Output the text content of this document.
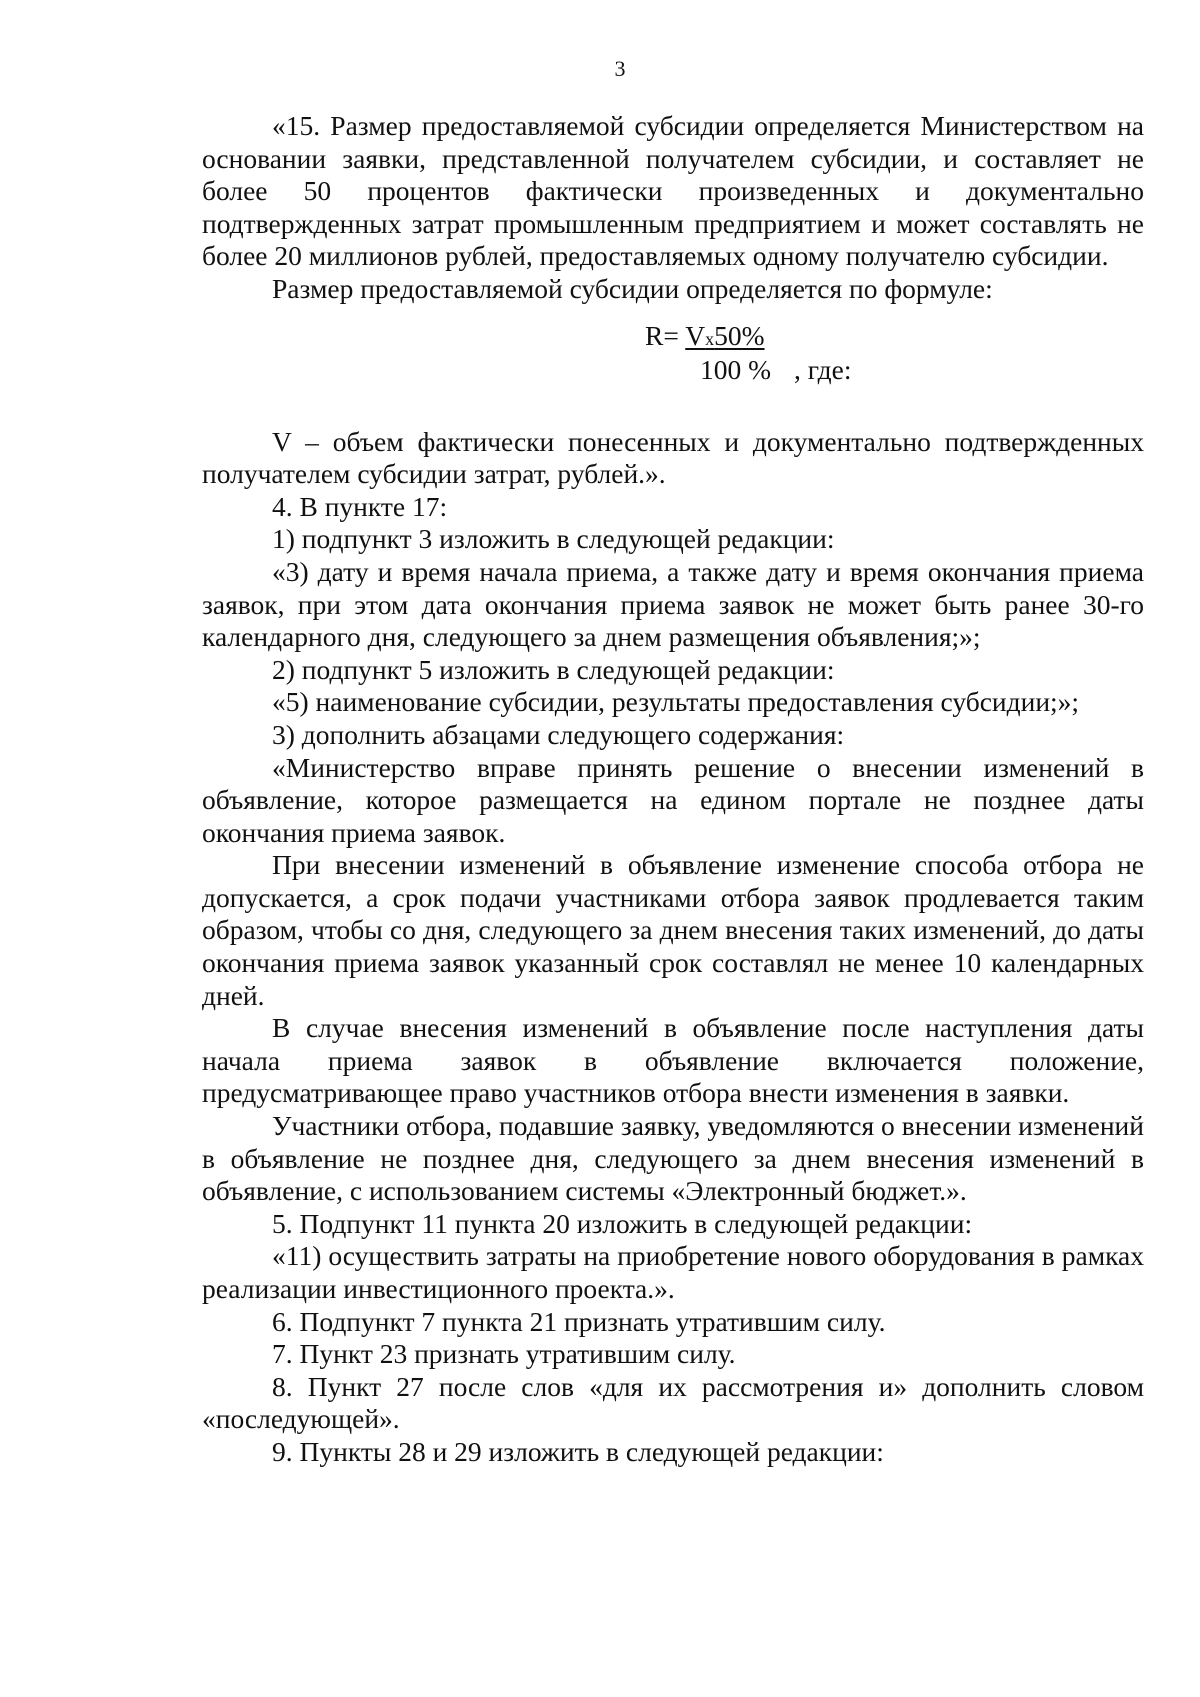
3

«15. Размер предоставляемой субсидии определяется Министерством на основании заявки, представленной получателем субсидии, и составляет не более 50 процентов фактически произведенных и документально подтвержденных затрат промышленным предприятием и может составлять не более 20 миллионов рублей, предоставляемых одному получателю субсидии.

Размер предоставляемой субсидии определяется по формуле:

R= Vx50%
100 % , где:

V – объем фактически понесенных и документально подтвержденных получателем субсидии затрат, рублей.».

4. В пункте 17:

1) подпункт 3 изложить в следующей редакции:

«3) дату и время начала приема, а также дату и время окончания приема заявок, при этом дата окончания приема заявок не может быть ранее 30-го календарного дня, следующего за днем размещения объявления;»;

2) подпункт 5 изложить в следующей редакции:

«5) наименование субсидии, результаты предоставления субсидии;»;

3) дополнить абзацами следующего содержания:

«Министерство вправе принять решение о внесении изменений в объявление, которое размещается на едином портале не позднее даты окончания приема заявок.

При внесении изменений в объявление изменение способа отбора не допускается, а срок подачи участниками отбора заявок продлевается таким образом, чтобы со дня, следующего за днем внесения таких изменений, до даты окончания приема заявок указанный срок составлял не менее 10 календарных дней.

В случае внесения изменений в объявление после наступления даты начала приема заявок в объявление включается положение, предусматривающее право участников отбора внести изменения в заявки.

Участники отбора, подавшие заявку, уведомляются о внесении изменений в объявление не позднее дня, следующего за днем внесения изменений в объявление, с использованием системы «Электронный бюджет.».

5. Подпункт 11 пункта 20 изложить в следующей редакции:

«11) осуществить затраты на приобретение нового оборудования в рамках реализации инвестиционного проекта.».

6. Подпункт 7 пункта 21 признать утратившим силу.

7. Пункт 23 признать утратившим силу.

8. Пункт 27 после слов «для их рассмотрения и» дополнить словом «последующей».

9. Пункты 28 и 29 изложить в следующей редакции:
